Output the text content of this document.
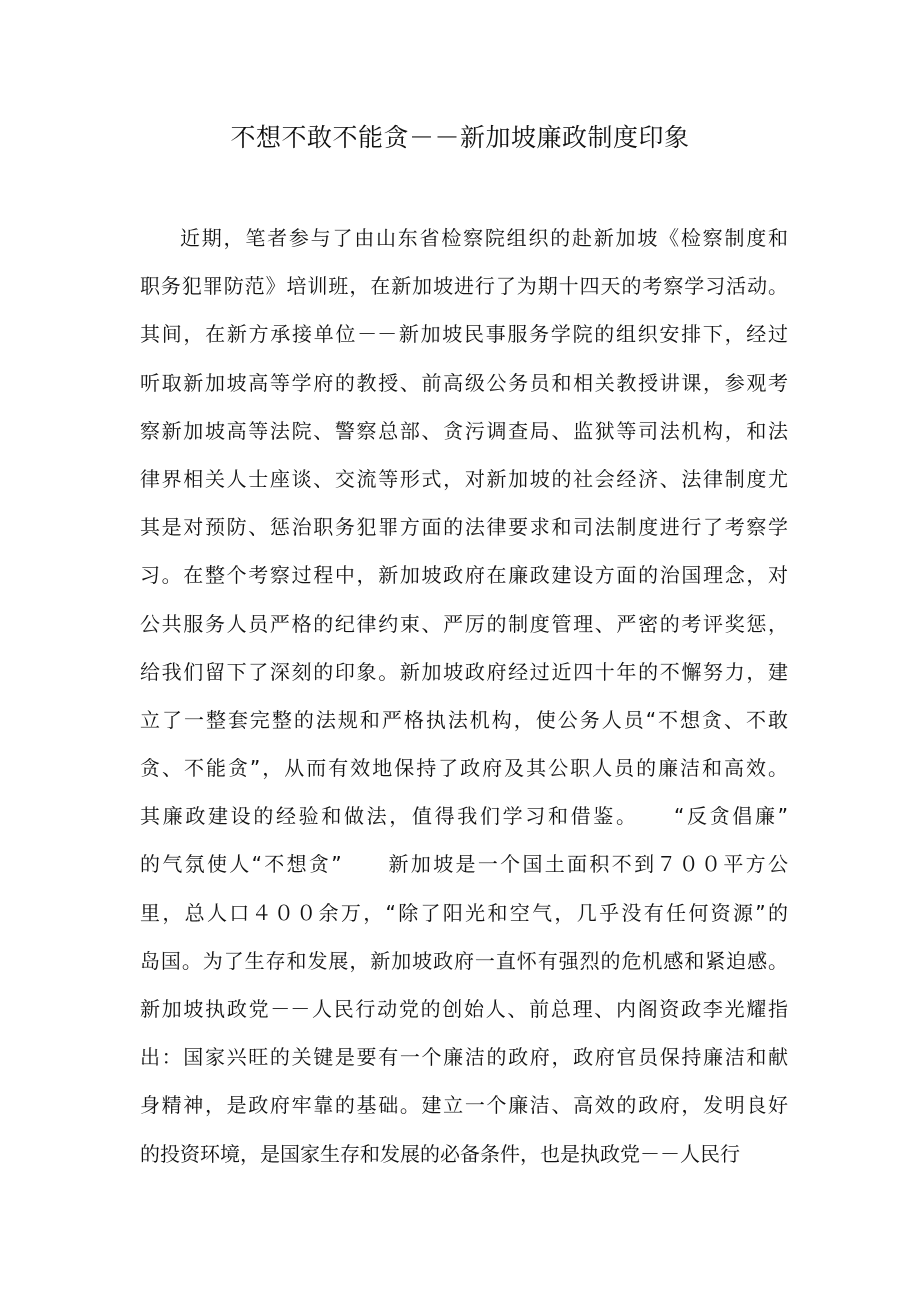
不想不敢不能贪－－新加坡廉政制度印象
近期，笔者参与了由山东省检察院组织的赴新加坡《检察制度和
职务犯罪防范》培训班，在新加坡进行了为期十四天的考察学习活动。
其间，在新方承接单位－－新加坡民事服务学院的组织安排下，经过
听取新加坡高等学府的教授、前高级公务员和相关教授讲课，参观考
察新加坡高等法院、警察总部、贪污调查局、监狱等司法机构，和法
律界相关人士座谈、交流等形式，对新加坡的社会经济、法律制度尤
其是对预防、惩治职务犯罪方面的法律要求和司法制度进行了考察学
习。在整个考察过程中，新加坡政府在廉政建设方面的治国理念，对
公共服务人员严格的纪律约束、严厉的制度管理、严密的考评奖惩，
给我们留下了深刻的印象。新加坡政府经过近四十年的不懈努力，建
立了一整套完整的法规和严格执法机构，使公务人员“不想贪、不敢
贪、不能贪”，从而有效地保持了政府及其公职人员的廉洁和高效。
其廉政建设的经验和做法，值得我们学习和借鉴。　　“反贪倡廉”
的气氛使人“不想贪”　　新加坡是一个国土面积不到７００平方公
里，总人口４００余万，“除了阳光和空气，几乎没有任何资源”的
岛国。为了生存和发展，新加坡政府一直怀有强烈的危机感和紧迫感。
新加坡执政党－－人民行动党的创始人、前总理、内阁资政李光耀指
出：国家兴旺的关键是要有一个廉洁的政府，政府官员保持廉洁和献
身精神，是政府牢靠的基础。建立一个廉洁、高效的政府，发明良好
的投资环境，是国家生存和发展的必备条件，也是执政党－－人民行
